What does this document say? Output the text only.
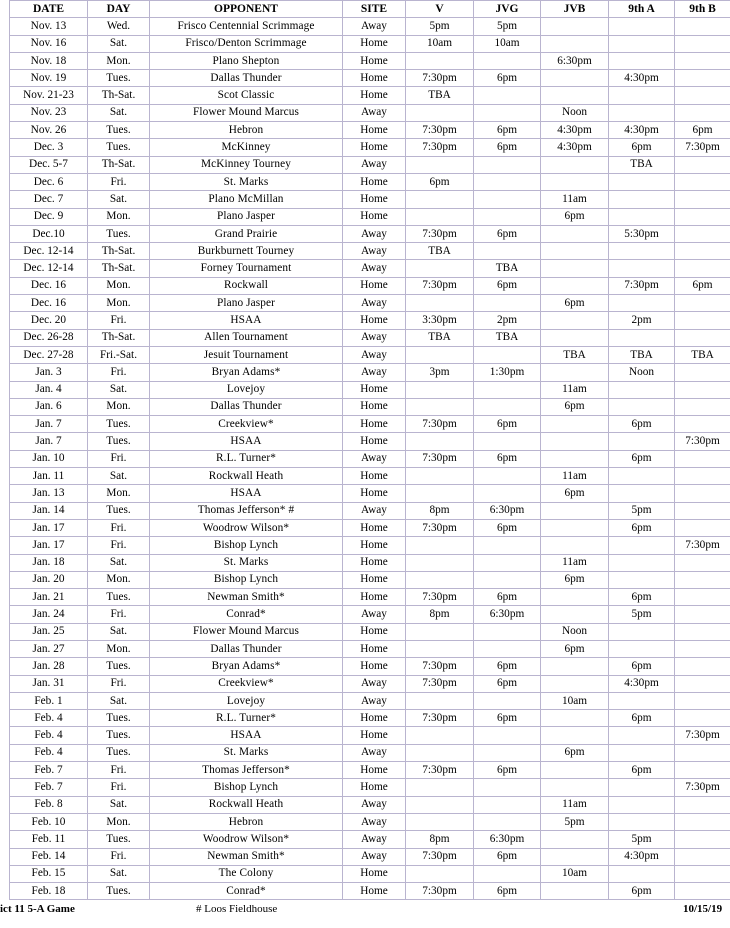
DATE	DAY	OPPONENT	SITE	V	JVG	JVB	9th A	9th B
Nov. 13	Wed.	Frisco Centennial Scrimmage	Away	5pm	5pm			
Nov. 16	Sat.	Frisco/Denton Scrimmage	Home	10am	10am			
Nov. 18	Mon.	Plano Shepton	Home			6:30pm		
Nov. 19	Tues.	Dallas Thunder	Home	7:30pm	6pm		4:30pm	
Nov. 21-23	Th-Sat.	Scot Classic	Home	TBA				
Nov. 23	Sat.	Flower Mound Marcus	Away			Noon		
Nov. 26	Tues.	Hebron	Home	7:30pm	6pm	4:30pm	4:30pm	6pm
Dec. 3	Tues.	McKinney	Home	7:30pm	6pm	4:30pm	6pm	7:30pm
Dec. 5-7	Th-Sat.	McKinney Tourney	Away				TBA	
Dec. 6	Fri.	St. Marks	Home	6pm				
Dec. 7	Sat.	Plano McMillan	Home			11am		
Dec. 9	Mon.	Plano Jasper	Home			6pm		
Dec.10	Tues.	Grand Prairie	Away	7:30pm	6pm		5:30pm	
Dec. 12-14	Th-Sat.	Burkburnett Tourney	Away	TBA				
Dec. 12-14	Th-Sat.	Forney Tournament	Away		TBA			
Dec. 16	Mon.	Rockwall	Home	7:30pm	6pm		7:30pm	6pm
Dec. 16	Mon.	Plano Jasper	Away			6pm		
Dec. 20	Fri.	HSAA	Home	3:30pm	2pm		2pm	
Dec. 26-28	Th-Sat.	Allen Tournament	Away	TBA	TBA			
Dec. 27-28	Fri.-Sat.	Jesuit Tournament	Away			TBA	TBA	TBA
Jan. 3	Fri.	Bryan Adams*	Away	3pm	1:30pm		Noon	
Jan. 4	Sat.	Lovejoy	Home			11am		
Jan. 6	Mon.	Dallas Thunder	Home			6pm		
Jan. 7	Tues.	Creekview*	Home	7:30pm	6pm		6pm	
Jan. 7	Tues.	HSAA	Home					7:30pm
Jan. 10	Fri.	R.L. Turner*	Away	7:30pm	6pm		6pm	
Jan. 11	Sat.	Rockwall Heath	Home			11am		
Jan. 13	Mon.	HSAA	Home			6pm		
Jan. 14	Tues.	Thomas Jefferson* #	Away	8pm	6:30pm		5pm	
Jan. 17	Fri.	Woodrow Wilson*	Home	7:30pm	6pm		6pm	
Jan. 17	Fri.	Bishop Lynch	Home					7:30pm
Jan. 18	Sat.	St. Marks	Home			11am		
Jan. 20	Mon.	Bishop Lynch	Home			6pm		
Jan. 21	Tues.	Newman Smith*	Home	7:30pm	6pm		6pm	
Jan. 24	Fri.	Conrad*	Away	8pm	6:30pm		5pm	
Jan. 25	Sat.	Flower Mound Marcus	Home			Noon		
Jan. 27	Mon.	Dallas Thunder	Home			6pm		
Jan. 28	Tues.	Bryan Adams*	Home	7:30pm	6pm		6pm	
Jan. 31	Fri.	Creekview*	Away	7:30pm	6pm		4:30pm	
Feb. 1	Sat.	Lovejoy	Away			10am		
Feb. 4	Tues.	R.L. Turner*	Home	7:30pm	6pm		6pm	
Feb. 4	Tues.	HSAA	Home					7:30pm
Feb. 4	Tues.	St. Marks	Away			6pm		
Feb. 7	Fri.	Thomas Jefferson*	Home	7:30pm	6pm		6pm	
Feb. 7	Fri.	Bishop Lynch	Home					7:30pm
Feb. 8	Sat.	Rockwall Heath	Away			11am		
Feb. 10	Mon.	Hebron	Away			5pm		
Feb. 11	Tues.	Woodrow Wilson*	Away	8pm	6:30pm		5pm	
Feb. 14	Fri.	Newman Smith*	Away	7:30pm	6pm		4:30pm	
Feb. 15	Sat.	The Colony	Home			10am		
Feb. 18	Tues.	Conrad*	Home	7:30pm	6pm		6pm	
ict 11 5-A Game	# Loos Fieldhouse	10/15/19
